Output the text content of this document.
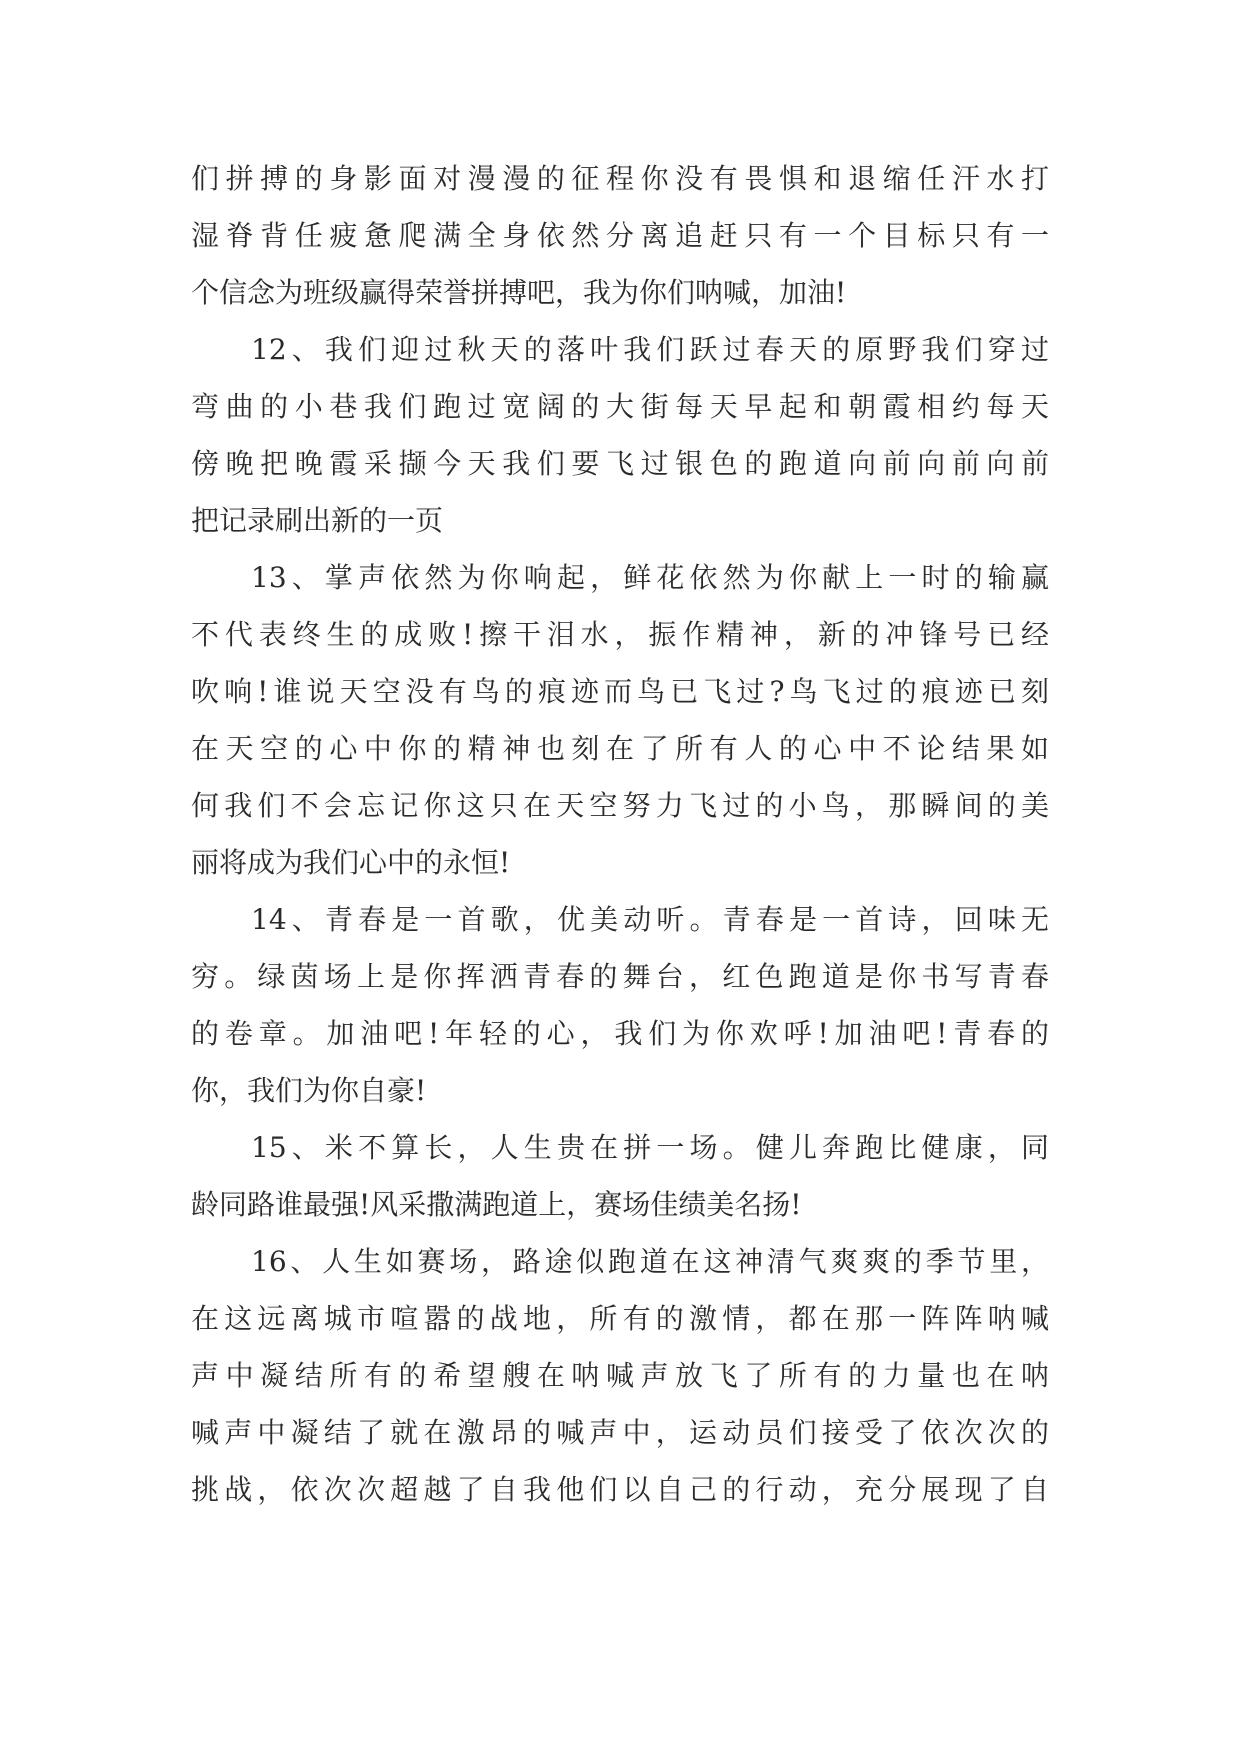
们拼搏的身影面对漫漫的征程你没有畏惧和退缩任汗水打
湿脊背任疲惫爬满全身依然分离追赶只有一个目标只有一
个信念为班级赢得荣誉拼搏吧，我为你们呐喊，加油!
12、我们迎过秋天的落叶我们跃过春天的原野我们穿过
弯曲的小巷我们跑过宽阔的大街每天早起和朝霞相约每天
傍晚把晚霞采撷今天我们要飞过银色的跑道向前向前向前
把记录刷出新的一页
13、掌声依然为你响起，鲜花依然为你献上一时的输赢
不代表终生的成败!擦干泪水，振作精神，新的冲锋号已经
吹响!谁说天空没有鸟的痕迹而鸟已飞过?鸟飞过的痕迹已刻
在天空的心中你的精神也刻在了所有人的心中不论结果如
何我们不会忘记你这只在天空努力飞过的小鸟，那瞬间的美
丽将成为我们心中的永恒!
14、青春是一首歌，优美动听。青春是一首诗，回味无
穷。绿茵场上是你挥洒青春的舞台，红色跑道是你书写青春
的卷章。加油吧!年轻的心，我们为你欢呼!加油吧!青春的
你，我们为你自豪!
15、米不算长，人生贵在拼一场。健儿奔跑比健康，同
龄同路谁最强!风采撒满跑道上，赛场佳绩美名扬!
16、人生如赛场，路途似跑道在这神清气爽爽的季节里，
在这远离城市喧嚣的战地，所有的激情，都在那一阵阵呐喊
声中凝结所有的希望艘在呐喊声放飞了所有的力量也在呐
喊声中凝结了就在激昂的喊声中，运动员们接受了依次次的
挑战，依次次超越了自我他们以自己的行动，充分展现了自
